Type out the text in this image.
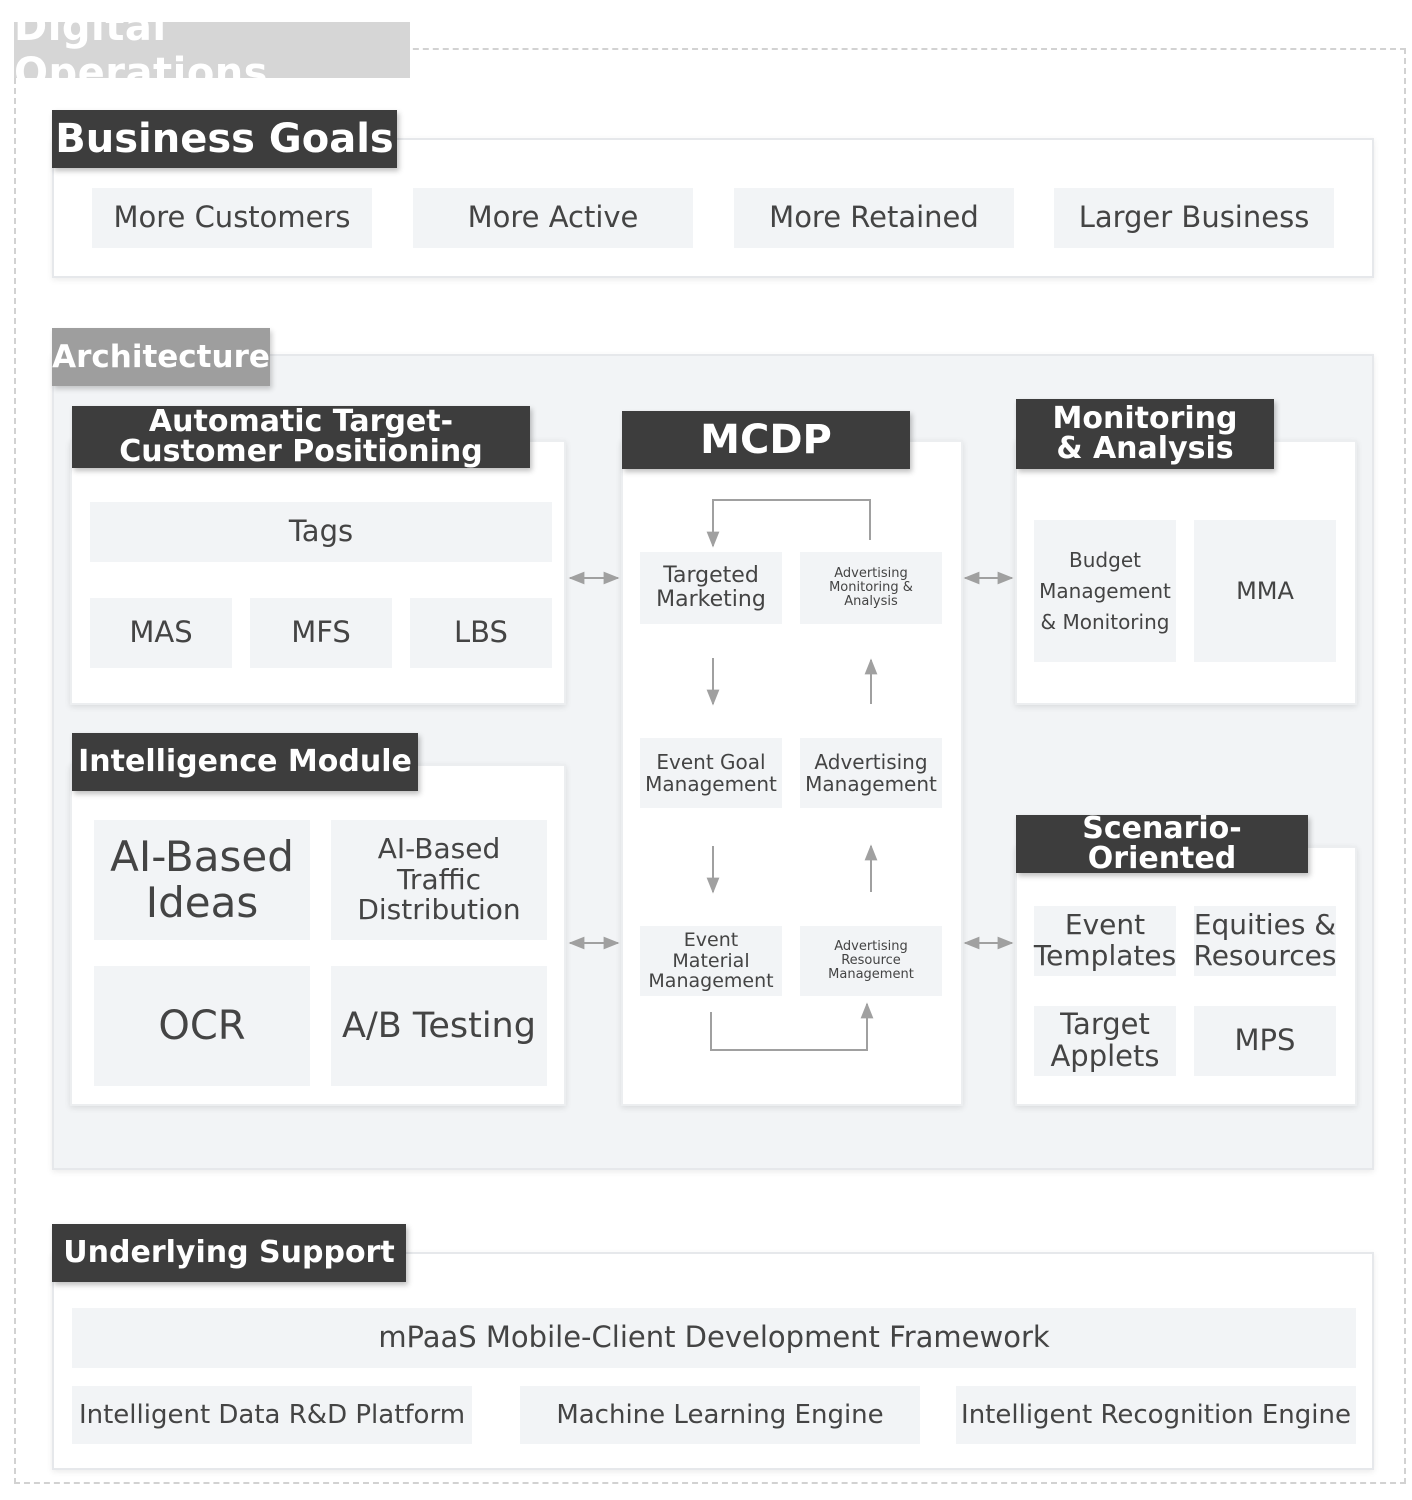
Digital Operations
Business Goals
More Customers	More Active	More Retained	Larger Business
Architecture
Automatic Target-Customer Positioning
Tags
MAS	MFS	LBS
Intelligence Module
AI-Based Ideas
AI-Based Traffic Distribution
OCR	A/B Testing
MCDP
Targeted Marketing
Advertising Monitoring & Analysis
Event Goal Management
Advertising Management
Event Material Management
Advertising Resource Management
Monitoring & Analysis
Budget Management & Monitoring
MMA
Scenario-Oriented
Event Templates
Equities & Resources
Target Applets	MPS
Underlying Support
mPaaS Mobile-Client Development Framework
Intelligent Data R&D Platform	Machine Learning Engine	Intelligent Recognition Engine
